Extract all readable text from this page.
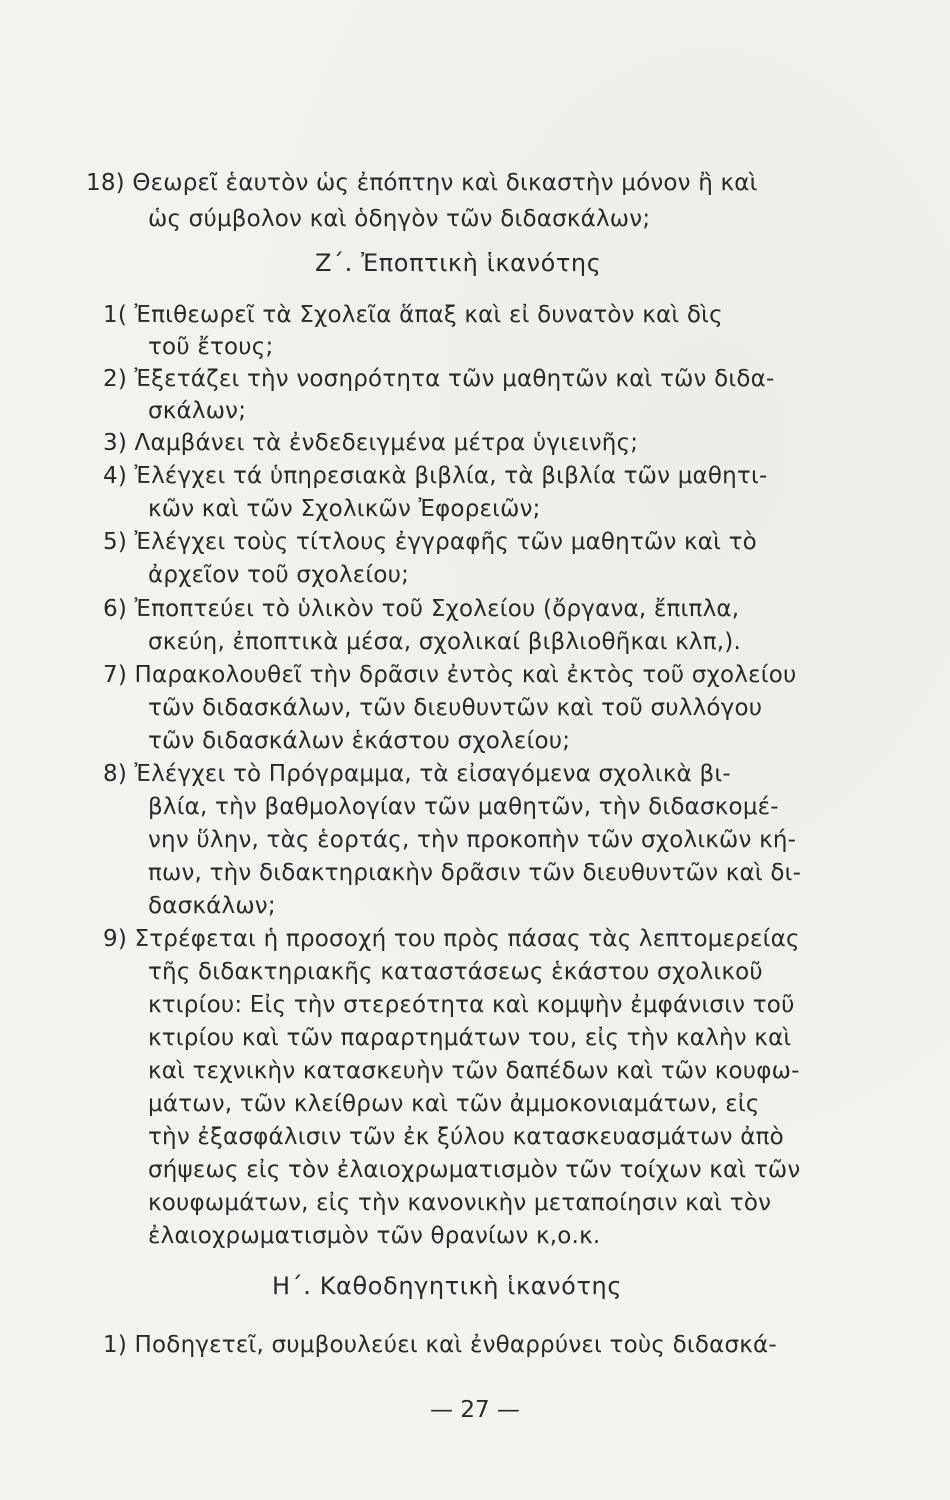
18) Θεωρεῖ ἑαυτὸν ὡς ἐπόπτην καὶ δικαστὴν μόνον ἢ καὶ
ὡς σύμβολον καὶ ὁδηγὸν τῶν διδασκάλων;
Ζ΄. Ἐποπτικὴ ἱκανότης
1( Ἐπιθεωρεῖ τὰ Σχολεῖα ἅπαξ καὶ εἰ δυνατὸν καὶ δὶς
τοῦ ἔτους;
2) Ἐξετάζει τὴν νοσηρότητα τῶν μαθητῶν καὶ τῶν διδα-
σκάλων;
3) Λαμβάνει τὰ ἐνδεδειγμένα μέτρα ὑγιεινῆς;
4) Ἐλέγχει τά ὑπηρεσιακὰ βιβλία, τὰ βιβλία τῶν μαθητι-
κῶν καὶ τῶν Σχολικῶν Ἐφορειῶν;
5) Ἐλέγχει τοὺς τίτλους ἐγγραφῆς τῶν μαθητῶν καὶ τὸ
ἀρχεῖον τοῦ σχολείου;
6) Ἐποπτεύει τὸ ὑλικὸν τοῦ Σχολείου (ὄργανα, ἔπιπλα,
σκεύη, ἐποπτικὰ μέσα, σχολικαί βιβλιοθῆκαι κλπ,).
7) Παρακολουθεῖ τὴν δρᾶσιν ἐντὸς καὶ ἐκτὸς τοῦ σχολείου
τῶν διδασκάλων, τῶν διευθυντῶν καὶ τοῦ συλλόγου
τῶν διδασκάλων ἑκάστου σχολείου;
8) Ἐλέγχει τὸ Πρόγραμμα, τὰ εἰσαγόμενα σχολικὰ βι-
βλία, τὴν βαθμολογίαν τῶν μαθητῶν, τὴν διδασκομέ-
νην ὕλην, τὰς ἑορτάς, τὴν προκοπὴν τῶν σχολικῶν κή-
πων, τὴν διδακτηριακὴν δρᾶσιν τῶν διευθυντῶν καὶ δι-
δασκάλων;
9) Στρέφεται ἡ προσοχή του πρὸς πάσας τὰς λεπτομερείας
τῆς διδακτηριακῆς καταστάσεως ἑκάστου σχολικοῦ
κτιρίου: Εἰς τὴν στερεότητα καὶ κομψὴν ἐμφάνισιν τοῦ
κτιρίου καὶ τῶν παραρτημάτων του, εἰς τὴν καλὴν καὶ
καὶ τεχνικὴν κατασκευὴν τῶν δαπέδων καὶ τῶν κουφω-
μάτων, τῶν κλείθρων καὶ τῶν ἀμμοκονιαμάτων, εἰς
τὴν ἐξασφάλισιν τῶν ἐκ ξύλου κατασκευασμάτων ἀπὸ
σήψεως εἰς τὸν ἐλαιοχρωματισμὸν τῶν τοίχων καὶ τῶν
κουφωμάτων, εἰς τὴν κανονικὴν μεταποίησιν καὶ τὸν
ἐλαιοχρωματισμὸν τῶν θρανίων κ,ο.κ.
Η΄. Καθοδηγητικὴ ἱκανότης
1) Ποδηγετεῖ, συμβουλεύει καὶ ἐνθαρρύνει τοὺς διδασκά-
— 27 —
